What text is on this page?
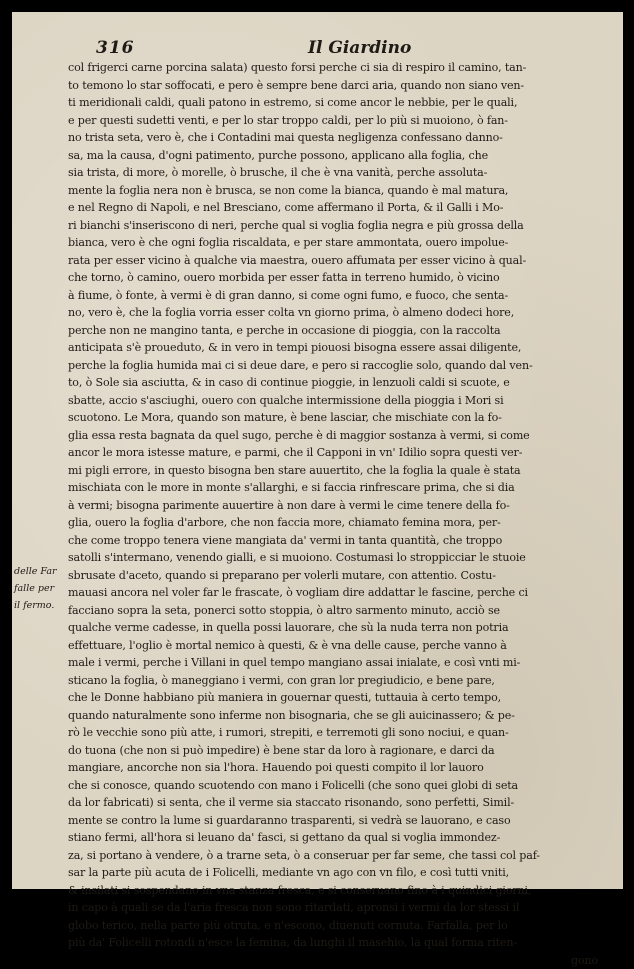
316	Il Giardino
delle Far
falle per
il fermo.
col frigerci carne porcina salata) questo forsi perche ci sia di respiro il camino, tan-
to temono lo star soffocati, e pero è sempre bene darci aria, quando non siano ven-
ti meridionali caldi, quali patono in estremo, si come ancor le nebbie, per le quali,
e per questi sudetti venti, e per lo star troppo caldi, per lo più si muoiono, ò fan-
no trista seta, vero è, che i Contadini mai questa negligenza confessano danno-
sa, ma la causa, d'ogni patimento, purche possono, applicano alla foglia, che
sia trista, di more, ò morelle, ò brusche, il che è vna vanità, perche assoluta-
mente la foglia nera non è brusca, se non come la bianca, quando è mal matura,
e nel Regno di Napoli, e nel Bresciano, come affermano il Porta, & il Galli i Mo-
ri bianchi s'inseriscono di neri, perche qual si voglia foglia negra e più grossa della
bianca, vero è che ogni foglia riscaldata, e per stare ammontata, ouero impolue-
rata per esser vicino à qualche via maestra, ouero affumata per esser vicino à qual-
che torno, ò camino, ouero morbida per esser fatta in terreno humido, ò vicino
à fiume, ò fonte, à vermi è di gran danno, si come ogni fumo, e fuoco, che senta-
no, vero è, che la foglia vorria esser colta vn giorno prima, ò almeno dodeci hore,
perche non ne mangino tanta, e perche in occasione di pioggia, con la raccolta
anticipata s'è proueduto, & in vero in tempi piouosi bisogna essere assai diligente,
perche la foglia humida mai ci si deue dare, e pero si raccoglie solo, quando dal ven-
to, ò Sole sia asciutta, & in caso di continue pioggie, in lenzuoli caldi si scuote, e
sbatte, accio s'asciughi, ouero con qualche intermissione della pioggia i Mori si
scuotono. Le Mora, quando son mature, è bene lasciar, che mischiate con la fo-
glia essa resta bagnata da quel sugo, perche è di maggior sostanza à vermi, si come
ancor le mora istesse mature, e parmi, che il Capponi in vn' Idilio sopra questi ver-
mi pigli errore, in questo bisogna ben stare auuertito, che la foglia la quale è stata
mischiata con le more in monte s'allarghi, e si faccia rinfrescare prima, che si dia
à vermi; bisogna parimente auuertire à non dare à vermi le cime tenere della fo-
glia, ouero la foglia d'arbore, che non faccia more, chiamato femina mora, per-
che come troppo tenera viene mangiata da' vermi in tanta quantità, che troppo
satolli s'intermano, venendo gialli, e si muoiono. Costumasi lo stroppicciar le stuoie
sbrusate d'aceto, quando si preparano per volerli mutare, con attentio. Costu-
mauasi ancora nel voler far le frascate, ò vogliam dire addattar le fascine, perche ci
facciano sopra la seta, ponerci sotto stoppia, ò altro sarmento minuto, acciò se
qualche verme cadesse, in quella possi lauorare, che sù la nuda terra non potria
effettuare, l'oglio è mortal nemico à questi, & è vna delle cause, perche vanno à
male i vermi, perche i Villani in quel tempo mangiano assai inialate, e così vnti mi-
sticano la foglia, ò maneggiano i vermi, con gran lor pregiudicio, e bene pare,
che le Donne habbiano più maniera in gouernar questi, tuttauia à certo tempo,
quando naturalmente sono inferme non bisognaria, che se gli auicinassero; & pe-
rò le vecchie sono più atte, i rumori, strepiti, e terremoti gli sono nociui, e quan-
do tuona (che non si può impedire) è bene star da loro à ragionare, e darci da
mangiare, ancorche non sia l'hora. Hauendo poi questi compito il lor lauoro
che si conosce, quando scuotendo con mano i Folicelli (che sono quei globi di seta
da lor fabricati) si senta, che il verme sia staccato risonando, sono perfetti, Simil-
mente se contro la lume si guardaranno trasparenti, si vedrà se lauorano, e caso
stiano fermi, all'hora si leuano da' fasci, si gettano da qual si voglia immondez-
za, si portano à vendere, ò a trarne seta, ò a conseruar per far seme, che tassi col paf-
sar la parte più acuta de i Folicelli, mediante vn ago con vn filo, e così tutti vniti,
& insilati si sospendano in vna stanza fresca, e si conseruano fino à i quindici giorni,
in capo à quali se da l'aria fresca non sono ritardati, apronsi i vermi da lor stessi il
globo terico, nella parte più otruta, e n'escono, diuenuti cornuta. Farfalla, per lo
più da' Folicelli rotondi n'esce la femina, da lunghi il masehio, la qual forma riten-
gono
